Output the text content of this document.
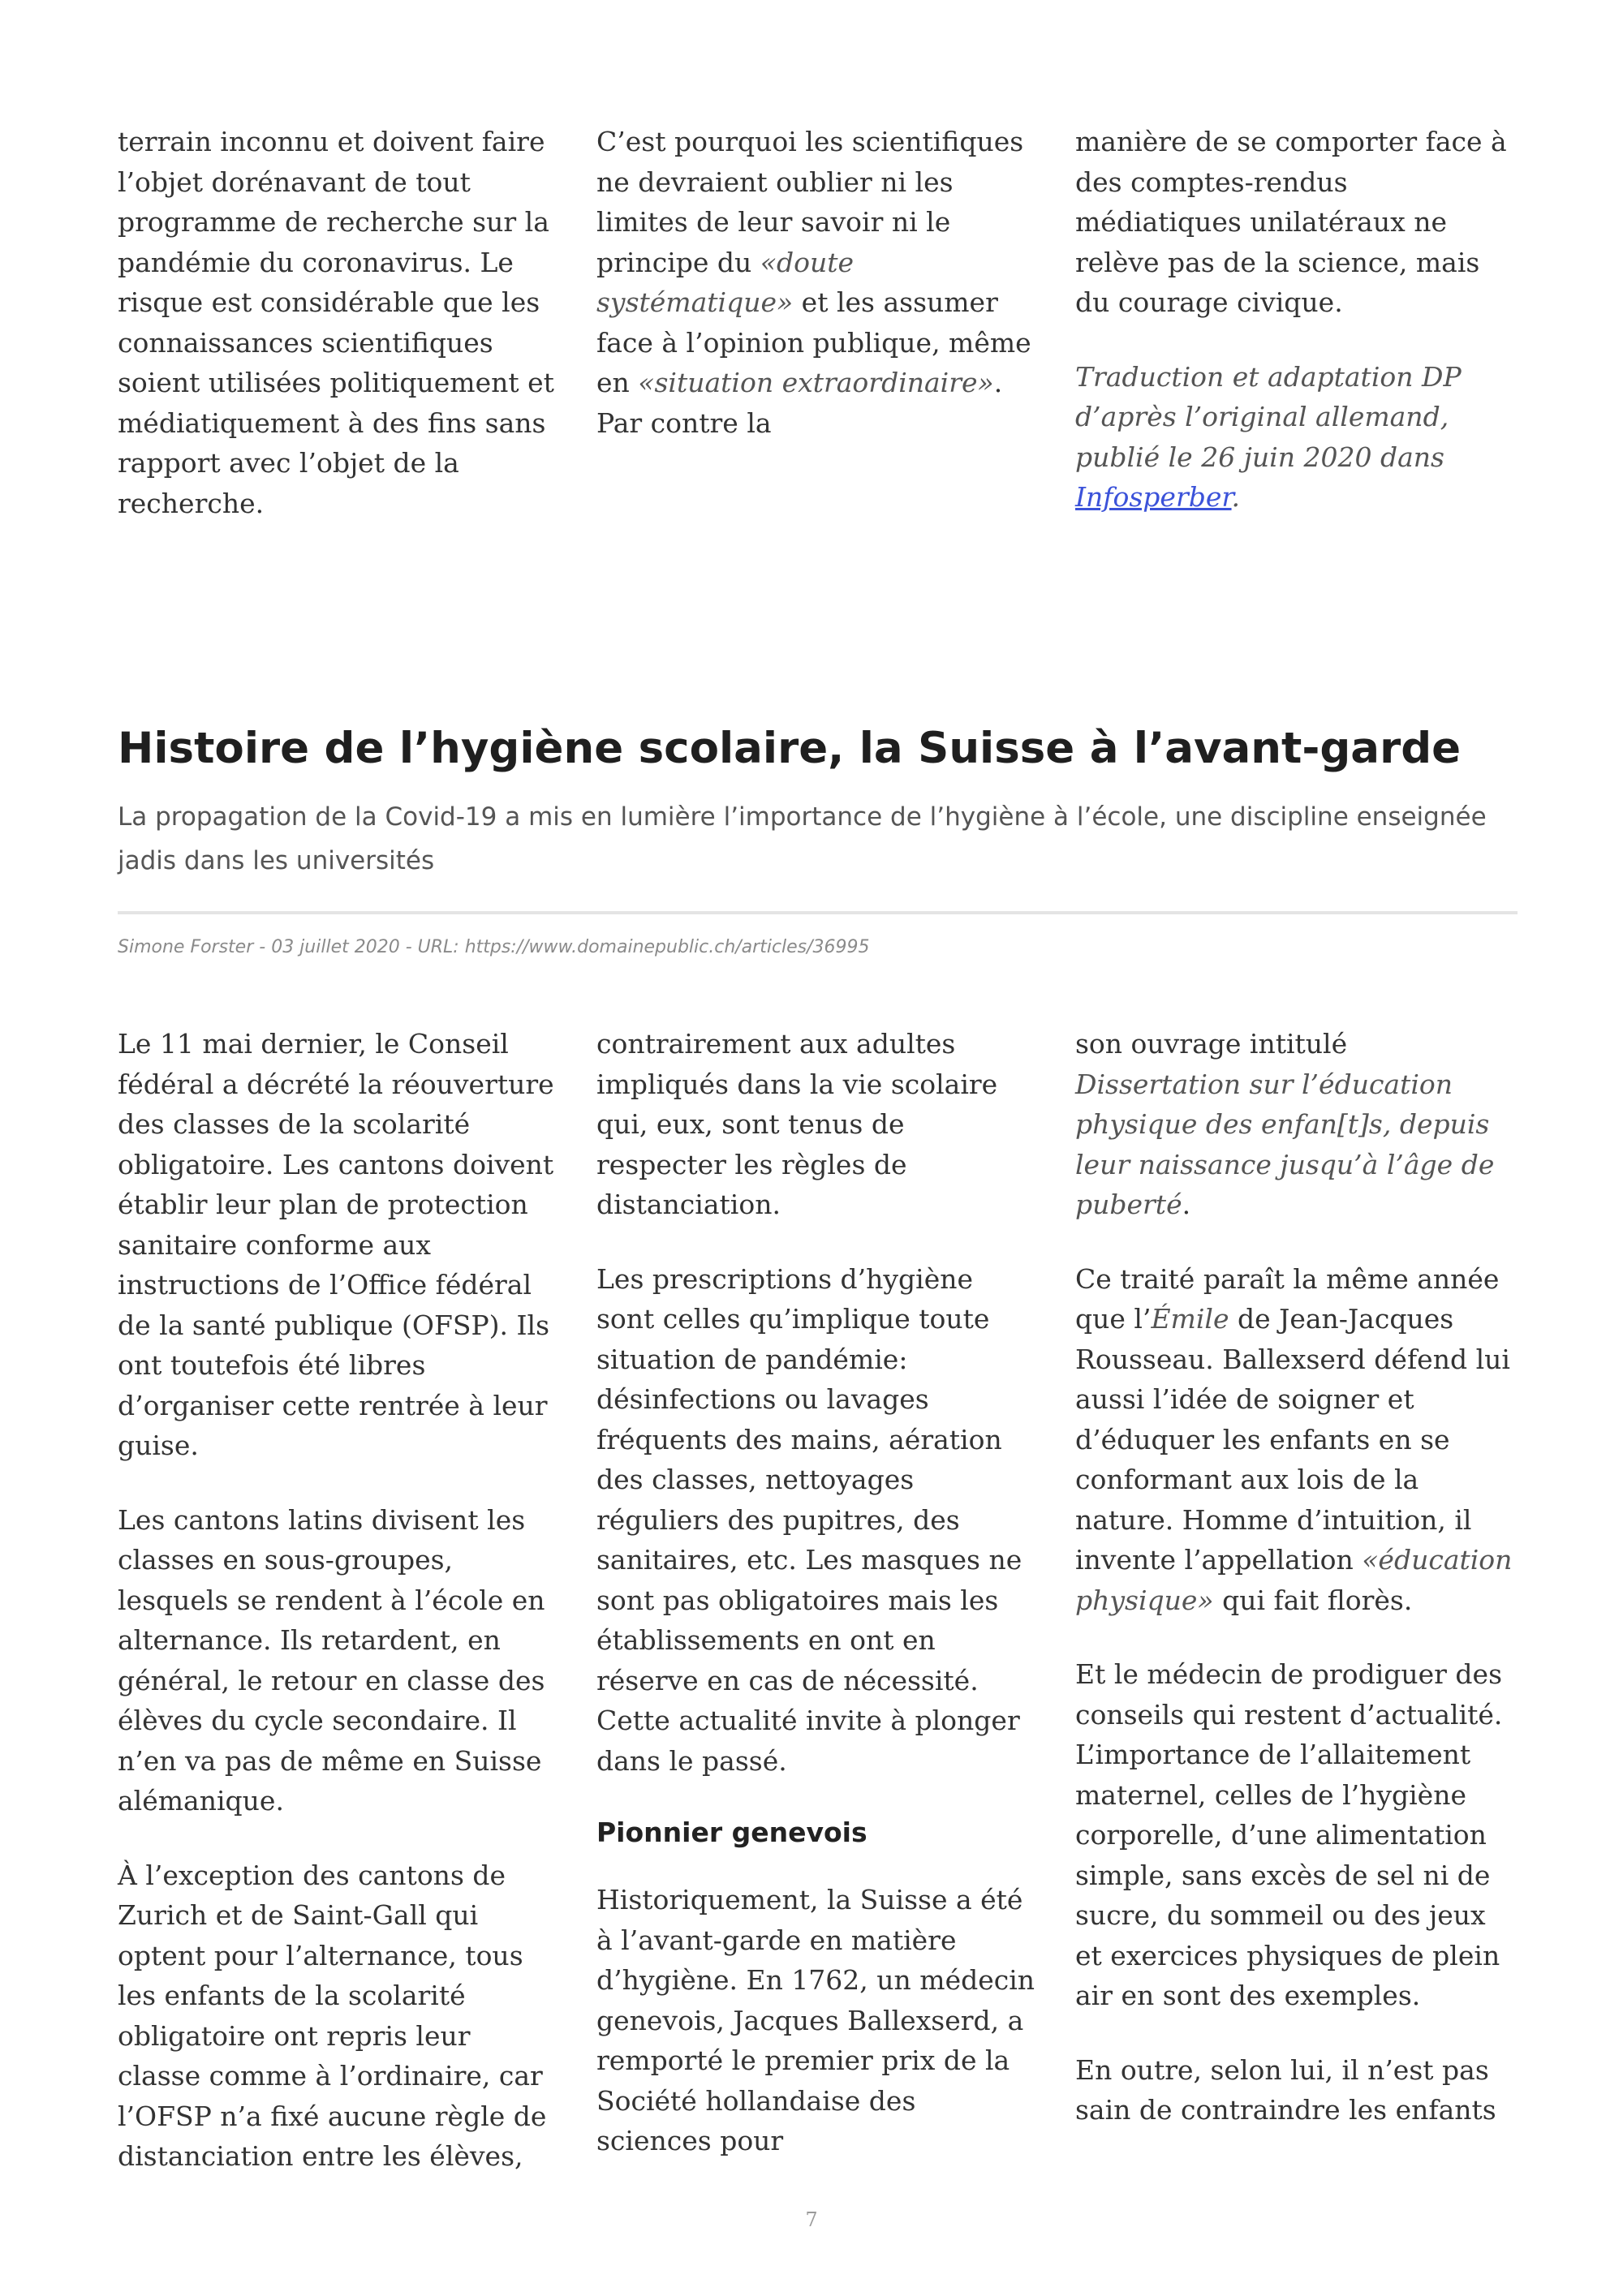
terrain inconnu et doivent faire l’objet dorénavant de tout programme de recherche sur la pandémie du coronavirus. Le risque est considérable que les connaissances scientifiques soient utilisées politiquement et médiatiquement à des fins sans rapport avec l’objet de la recherche.

C’est pourquoi les scientifiques ne devraient oublier ni les limites de leur savoir ni le principe du «doute systématique» et les assumer face à l’opinion publique, même en «situation extraordinaire». Par contre la

manière de se comporter face à des comptes-rendus médiatiques unilatéraux ne relève pas de la science, mais du courage civique.

Traduction et adaptation DP d’après l’original allemand, publié le 26 juin 2020 dans Infosperber.

Histoire de l’hygiène scolaire, la Suisse à l’avant-garde

La propagation de la Covid-19 a mis en lumière l’importance de l’hygiène à l’école, une discipline enseignée jadis dans les universités

Simone Forster - 03 juillet 2020 - URL: https://www.domainepublic.ch/articles/36995

Le 11 mai dernier, le Conseil fédéral a décrété la réouverture des classes de la scolarité obligatoire. Les cantons doivent établir leur plan de protection sanitaire conforme aux instructions de l’Office fédéral de la santé publique (OFSP). Ils ont toutefois été libres d’organiser cette rentrée à leur guise.

Les cantons latins divisent les classes en sous-groupes, lesquels se rendent à l’école en alternance. Ils retardent, en général, le retour en classe des élèves du cycle secondaire. Il n’en va pas de même en Suisse alémanique.

À l’exception des cantons de Zurich et de Saint-Gall qui optent pour l’alternance, tous les enfants de la scolarité obligatoire ont repris leur classe comme à l’ordinaire, car l’OFSP n’a fixé aucune règle de distanciation entre les élèves,

contrairement aux adultes impliqués dans la vie scolaire qui, eux, sont tenus de respecter les règles de distanciation.

Les prescriptions d’hygiène sont celles qu’implique toute situation de pandémie: désinfections ou lavages fréquents des mains, aération des classes, nettoyages réguliers des pupitres, des sanitaires, etc. Les masques ne sont pas obligatoires mais les établissements en ont en réserve en cas de nécessité. Cette actualité invite à plonger dans le passé.

Pionnier genevois

Historiquement, la Suisse a été à l’avant-garde en matière d’hygiène. En 1762, un médecin genevois, Jacques Ballexserd, a remporté le premier prix de la Société hollandaise des sciences pour

son ouvrage intitulé Dissertation sur l’éducation physique des enfan[t]s, depuis leur naissance jusqu’à l’âge de puberté.

Ce traité paraît la même année que l’Émile de Jean-Jacques Rousseau. Ballexserd défend lui aussi l’idée de soigner et d’éduquer les enfants en se conformant aux lois de la nature. Homme d’intuition, il invente l’appellation «éducation physique» qui fait florès.

Et le médecin de prodiguer des conseils qui restent d’actualité. L’importance de l’allaitement maternel, celles de l’hygiène corporelle, d’une alimentation simple, sans excès de sel ni de sucre, du sommeil ou des jeux et exercices physiques de plein air en sont des exemples.

En outre, selon lui, il n’est pas sain de contraindre les enfants

7
